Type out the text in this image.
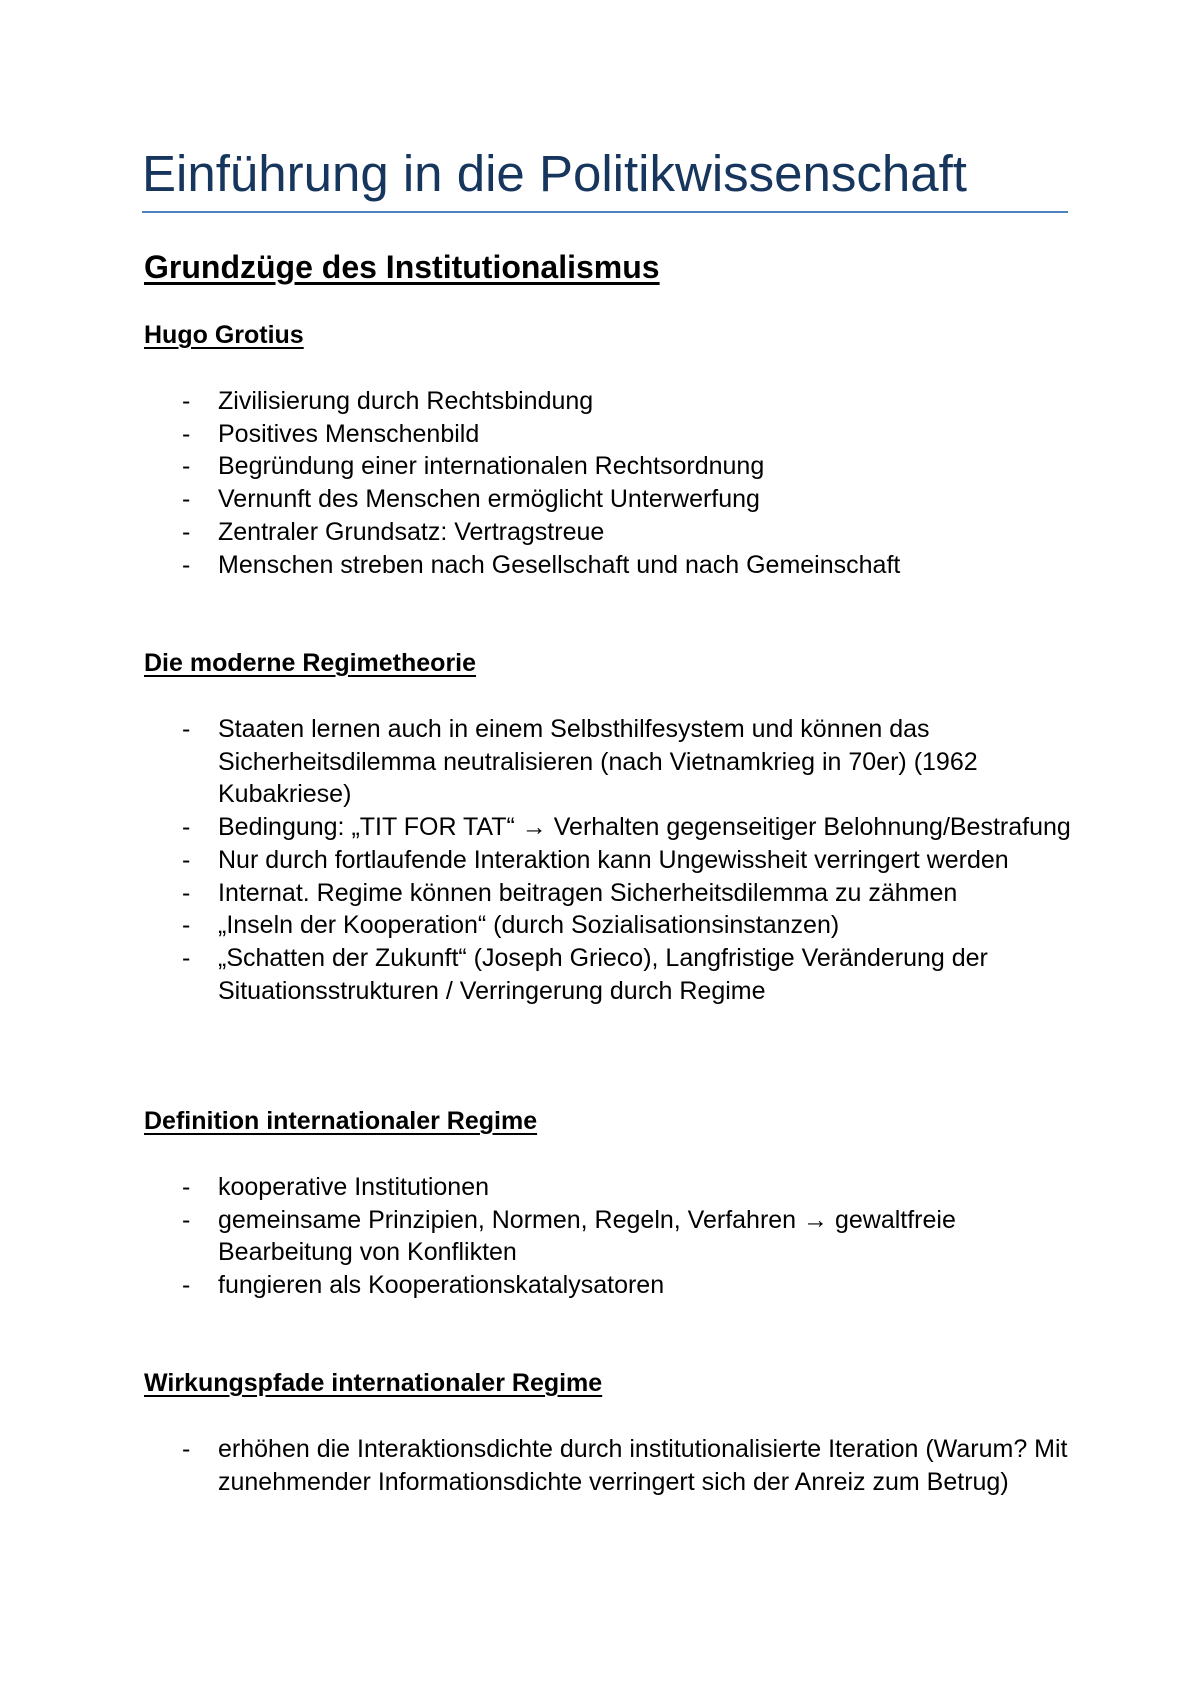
Einführung in die Politikwissenschaft
Grundzüge des Institutionalismus
Hugo Grotius
- Zivilisierung durch Rechtsbindung
- Positives Menschenbild
- Begründung einer internationalen Rechtsordnung
- Vernunft des Menschen ermöglicht Unterwerfung
- Zentraler Grundsatz: Vertragstreue
- Menschen streben nach Gesellschaft und nach Gemeinschaft
Die moderne Regimetheorie
- Staaten lernen auch in einem Selbsthilfesystem und können das Sicherheitsdilemma neutralisieren (nach Vietnamkrieg in 70er) (1962 Kubakriese)
- Bedingung: „TIT FOR TAT“ → Verhalten gegenseitiger Belohnung/Bestrafung
- Nur durch fortlaufende Interaktion kann Ungewissheit verringert werden
- Internat. Regime können beitragen Sicherheitsdilemma zu zähmen
- „Inseln der Kooperation“ (durch Sozialisationsinstanzen)
- „Schatten der Zukunft“ (Joseph Grieco), Langfristige Veränderung der Situationsstrukturen / Verringerung durch Regime
Definition internationaler Regime
- kooperative Institutionen
- gemeinsame Prinzipien, Normen, Regeln, Verfahren → gewaltfreie Bearbeitung von Konflikten
- fungieren als Kooperationskatalysatoren
Wirkungspfade internationaler Regime
- erhöhen die Interaktionsdichte durch institutionalisierte Iteration (Warum? Mit zunehmender Informationsdichte verringert sich der Anreiz zum Betrug)
